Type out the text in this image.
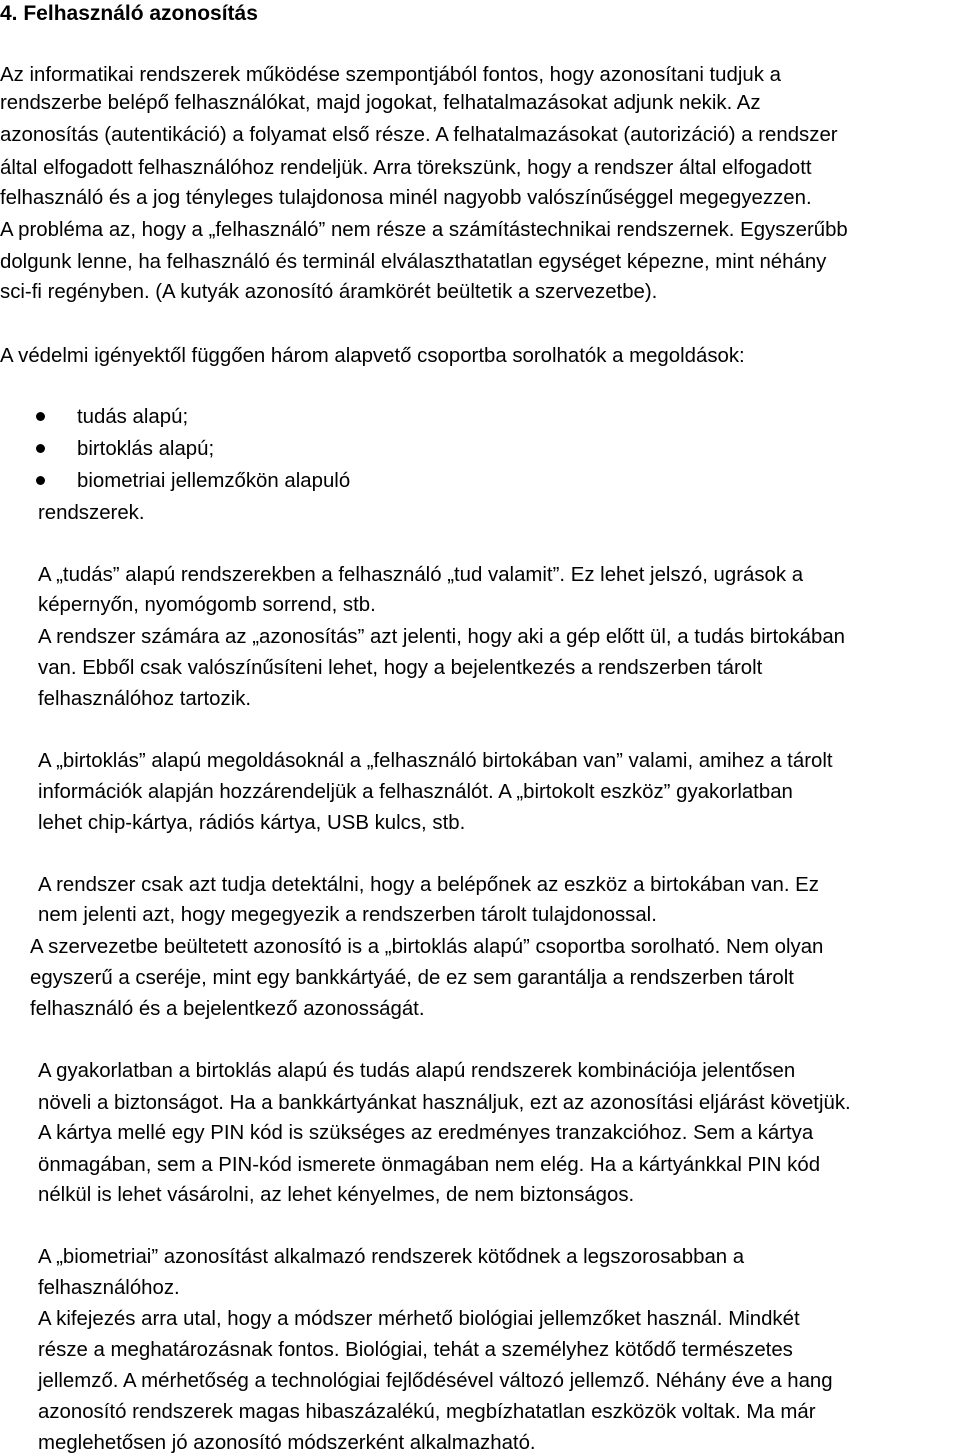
4. Felhasználó azonosítás
Az informatikai rendszerek működése szempontjából fontos, hogy azonosítani tudjuk a
rendszerbe belépő felhasználókat, majd jogokat, felhatalmazásokat adjunk nekik. Az
azonosítás (autentikáció) a folyamat első része. A felhatalmazásokat (autorizáció) a rendszer
által elfogadott felhasználóhoz rendeljük. Arra törekszünk, hogy a rendszer által elfogadott
felhasználó és a jog tényleges tulajdonosa minél nagyobb valószínűséggel megegyezzen.
A probléma az, hogy a „felhasználó” nem része a számítástechnikai rendszernek. Egyszerűbb
dolgunk lenne, ha felhasználó és terminál elválaszthatatlan egységet képezne, mint néhány
sci-fi regényben. (A kutyák azonosító áramkörét beültetik a szervezetbe).
A védelmi igényektől függően három alapvető csoportba sorolhatók a megoldások:
tudás alapú;
birtoklás alapú;
biometriai jellemzőkön alapuló
rendszerek.
A „tudás” alapú rendszerekben a felhasználó „tud valamit”. Ez lehet jelszó, ugrások a
képernyőn, nyomógomb sorrend, stb.
A rendszer számára az „azonosítás” azt jelenti, hogy aki a gép előtt ül, a tudás birtokában
van. Ebből csak valószínűsíteni lehet, hogy a bejelentkezés a rendszerben tárolt
felhasználóhoz tartozik.
A „birtoklás” alapú megoldásoknál a „felhasználó birtokában van” valami, amihez a tárolt
információk alapján hozzárendeljük a felhasználót. A „birtokolt eszköz” gyakorlatban
lehet chip-kártya, rádiós kártya, USB kulcs, stb.
A rendszer csak azt tudja detektálni, hogy a belépőnek az eszköz a birtokában van. Ez
nem jelenti azt, hogy megegyezik a rendszerben tárolt tulajdonossal.
A szervezetbe beültetett azonosító is a „birtoklás alapú” csoportba sorolható. Nem olyan
egyszerű a cseréje, mint egy bankkártyáé, de ez sem garantálja a rendszerben tárolt
felhasználó és a bejelentkező azonosságát.
A gyakorlatban a birtoklás alapú és tudás alapú rendszerek kombinációja jelentősen
növeli a biztonságot. Ha a bankkártyánkat használjuk, ezt az azonosítási eljárást követjük.
A kártya mellé egy PIN kód is szükséges az eredményes tranzakcióhoz. Sem a kártya
önmagában, sem a PIN-kód ismerete önmagában nem elég. Ha a kártyánkkal PIN kód
nélkül is lehet vásárolni, az lehet kényelmes, de nem biztonságos.
A „biometriai” azonosítást alkalmazó rendszerek kötődnek a legszorosabban a
felhasználóhoz.
A kifejezés arra utal, hogy a módszer mérhető biológiai jellemzőket használ. Mindkét
része a meghatározásnak fontos. Biológiai, tehát a személyhez kötődő természetes
jellemző. A mérhetőség a technológiai fejlődésével változó jellemző. Néhány éve a hang
azonosító rendszerek magas hibaszázalékú, megbízhatatlan eszközök voltak. Ma már
meglehetősen jó azonosító módszerként alkalmazható.
